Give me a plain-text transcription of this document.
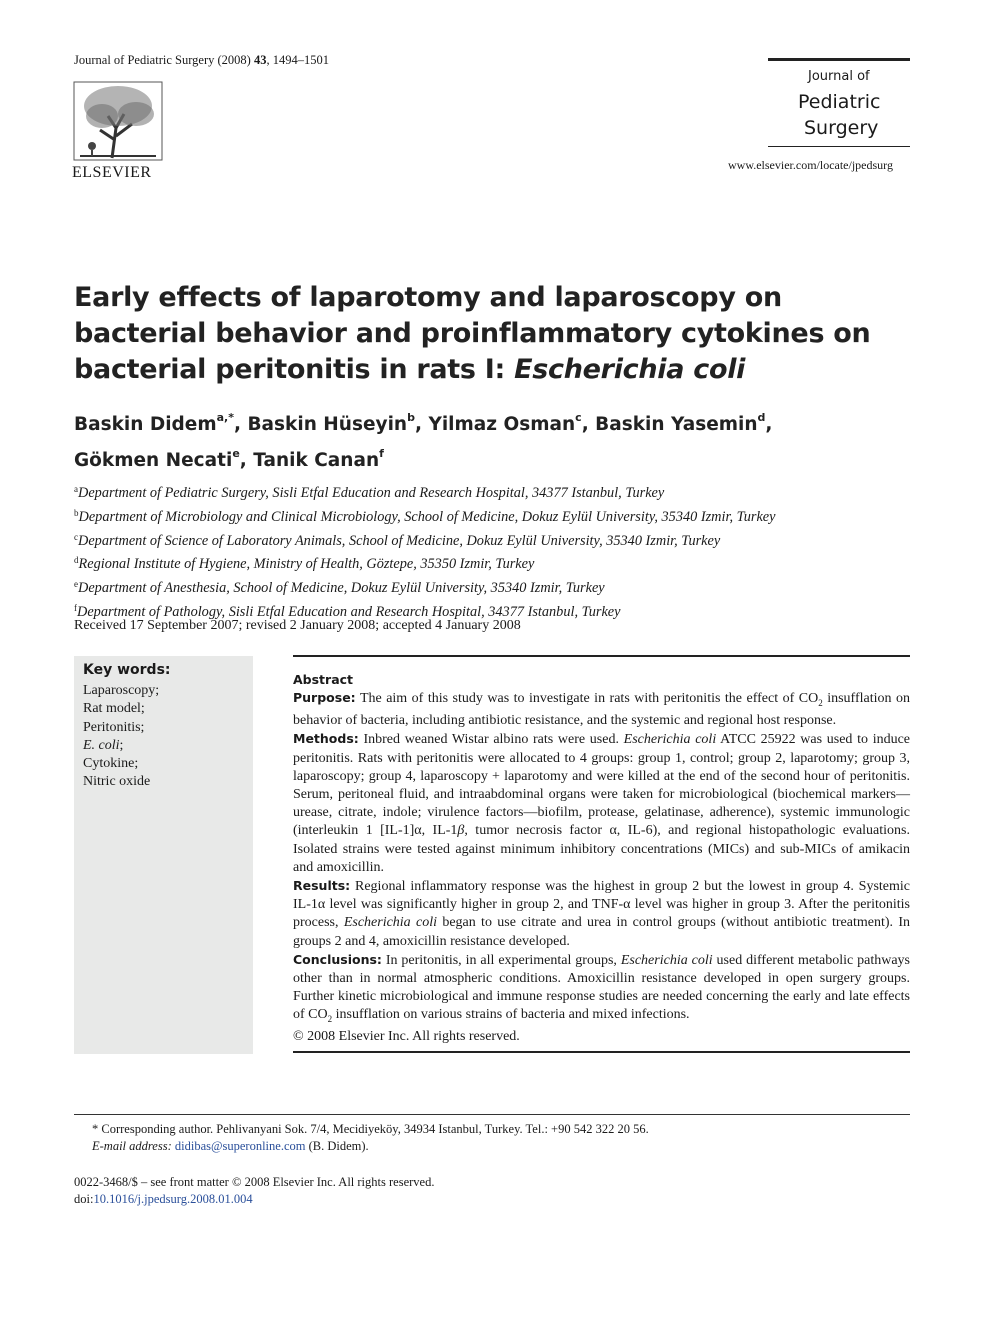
Journal of Pediatric Surgery (2008) 43, 1494–1501
ELSEVIER
Journal of
Pediatric
Surgery
www.elsevier.com/locate/jpedsurg
Early effects of laparotomy and laparoscopy on bacterial behavior and proinflammatory cytokines on bacterial peritonitis in rats I: Escherichia coli
Baskin Didem$^{a,*}$, Baskin Hüseyin$^b$, Yilmaz Osman$^c$, Baskin Yasemin$^d$,
Gökmen Necati$^e$, Tanik Canan$^f$
$^a$Department of Pediatric Surgery, Sisli Etfal Education and Research Hospital, 34377 Istanbul, Turkey
$^b$Department of Microbiology and Clinical Microbiology, School of Medicine, Dokuz Eylül University, 35340 Izmir, Turkey
$^c$Department of Science of Laboratory Animals, School of Medicine, Dokuz Eylül University, 35340 Izmir, Turkey
$^d$Regional Institute of Hygiene, Ministry of Health, Göztepe, 35350 Izmir, Turkey
$^e$Department of Anesthesia, School of Medicine, Dokuz Eylül University, 35340 Izmir, Turkey
$^f$Department of Pathology, Sisli Etfal Education and Research Hospital, 34377 Istanbul, Turkey
Received 17 September 2007; revised 2 January 2008; accepted 4 January 2008
Key words:
Laparoscopy;
Rat model;
Peritonitis;
E. coli;
Cytokine;
Nitric oxide
Abstract

Purpose: The aim of this study was to investigate in rats with peritonitis the effect of $CO_2$ insufflation on behavior of bacteria, including antibiotic resistance, and the systemic and regional host response.

Methods: Inbred weaned Wistar albino rats were used. Escherichia coli ATCC 25922 was used to induce peritonitis. Rats with peritonitis were allocated to 4 groups: group 1, control; group 2, laparotomy; group 3, laparoscopy; group 4, laparoscopy + laparotomy and were killed at the end of the second hour of peritonitis. Serum, peritoneal fluid, and intraabdominal organs were taken for microbiological (biochemical markers—urease, citrate, indole; virulence factors—biofilm, protease, gelatinase, adherence), systemic immunologic (interleukin 1 [IL-1]α, IL-1β, tumor necrosis factor α, IL-6), and regional histopathologic evaluations. Isolated strains were tested against minimum inhibitory concentrations (MICs) and sub-MICs of amikacin and amoxicillin.

Results: Regional inflammatory response was the highest in group 2 but the lowest in group 4. Systemic IL-1α level was significantly higher in group 2, and TNF-α level was higher in group 3. After the peritonitis process, Escherichia coli began to use citrate and urea in control groups (without antibiotic treatment). In groups 2 and 4, amoxicillin resistance developed.

Conclusions: In peritonitis, in all experimental groups, Escherichia coli used different metabolic pathways other than in normal atmospheric conditions. Amoxicillin resistance developed in open surgery groups. Further kinetic microbiological and immune response studies are needed concerning the early and late effects of $CO_2$ insufflation on various strains of bacteria and mixed infections.

© 2008 Elsevier Inc. All rights reserved.

* Corresponding author. Pehlivanyani Sok. 7/4, Mecidiyeköy, 34934 Istanbul, Turkey. Tel.: +90 542 322 20 56.
E-mail address: didibas@superonline.com (B. Didem).
0022-3468/$ – see front matter © 2008 Elsevier Inc. All rights reserved.
doi:10.1016/j.jpedsurg.2008.01.004
